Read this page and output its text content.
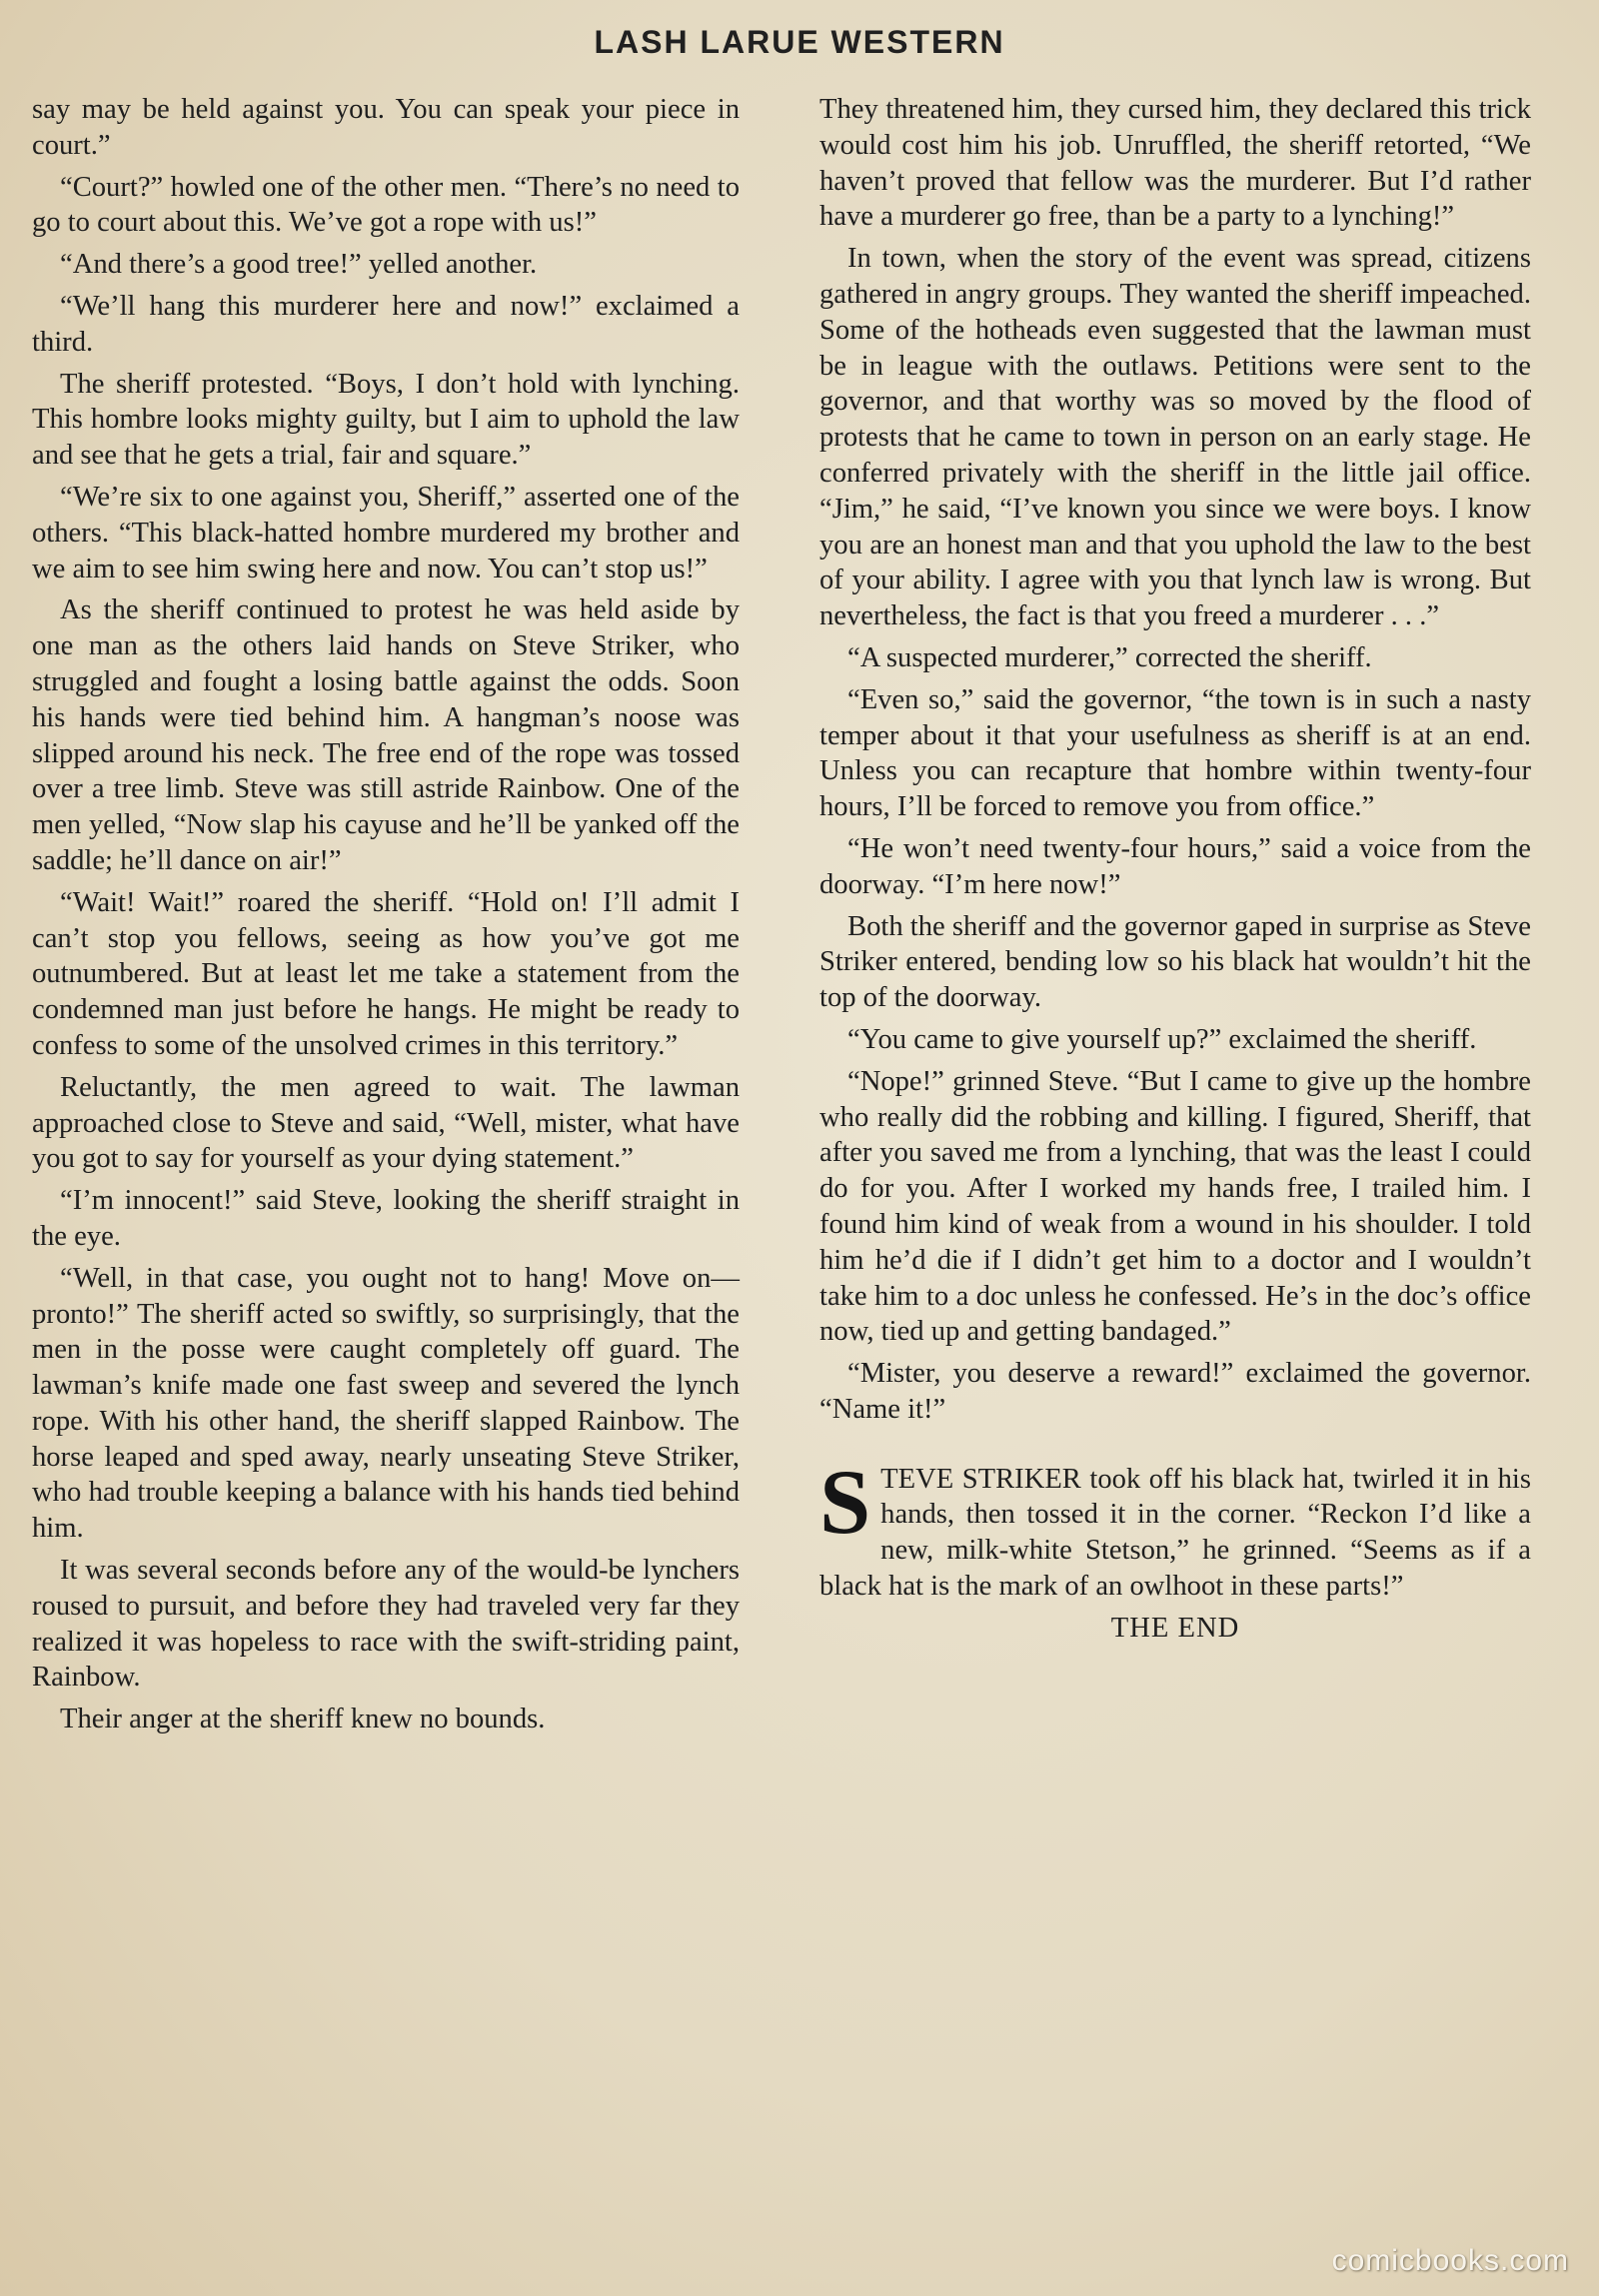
LASH LARUE WESTERN

say may be held against you. You can speak your piece in court.”

“Court?” howled one of the other men. “There’s no need to go to court about this. We’ve got a rope with us!”

“And there’s a good tree!” yelled another.

“We’ll hang this murderer here and now!” exclaimed a third.

The sheriff protested. “Boys, I don’t hold with lynching. This hombre looks mighty guilty, but I aim to uphold the law and see that he gets a trial, fair and square.”

“We’re six to one against you, Sheriff,” asserted one of the others. “This black-hatted hombre murdered my brother and we aim to see him swing here and now. You can’t stop us!”

As the sheriff continued to protest he was held aside by one man as the others laid hands on Steve Striker, who struggled and fought a losing battle against the odds. Soon his hands were tied behind him. A hangman’s noose was slipped around his neck. The free end of the rope was tossed over a tree limb. Steve was still astride Rainbow. One of the men yelled, “Now slap his cayuse and he’ll be yanked off the saddle; he’ll dance on air!”

“Wait! Wait!” roared the sheriff. “Hold on! I’ll admit I can’t stop you fellows, seeing as how you’ve got me outnumbered. But at least let me take a statement from the condemned man just before he hangs. He might be ready to confess to some of the unsolved crimes in this territory.”

Reluctantly, the men agreed to wait. The lawman approached close to Steve and said, “Well, mister, what have you got to say for yourself as your dying statement.”

“I’m innocent!” said Steve, looking the sheriff straight in the eye.

“Well, in that case, you ought not to hang! Move on—pronto!” The sheriff acted so swiftly, so surprisingly, that the men in the posse were caught completely off guard. The lawman’s knife made one fast sweep and severed the lynch rope. With his other hand, the sheriff slapped Rainbow. The horse leaped and sped away, nearly unseating Steve Striker, who had trouble keeping a balance with his hands tied behind him.

It was several seconds before any of the would-be lynchers roused to pursuit, and before they had traveled very far they realized it was hopeless to race with the swift-striding paint, Rainbow.

Their anger at the sheriff knew no bounds.

They threatened him, they cursed him, they declared this trick would cost him his job. Unruffled, the sheriff retorted, “We haven’t proved that fellow was the murderer. But I’d rather have a murderer go free, than be a party to a lynching!”

In town, when the story of the event was spread, citizens gathered in angry groups. They wanted the sheriff impeached. Some of the hotheads even suggested that the lawman must be in league with the outlaws. Petitions were sent to the governor, and that worthy was so moved by the flood of protests that he came to town in person on an early stage. He conferred privately with the sheriff in the little jail office. “Jim,” he said, “I’ve known you since we were boys. I know you are an honest man and that you uphold the law to the best of your ability. I agree with you that lynch law is wrong. But nevertheless, the fact is that you freed a murderer . . .”

“A suspected murderer,” corrected the sheriff.

“Even so,” said the governor, “the town is in such a nasty temper about it that your usefulness as sheriff is at an end. Unless you can recapture that hombre within twenty-four hours, I’ll be forced to remove you from office.”

“He won’t need twenty-four hours,” said a voice from the doorway. “I’m here now!”

Both the sheriff and the governor gaped in surprise as Steve Striker entered, bending low so his black hat wouldn’t hit the top of the doorway.

“You came to give yourself up?” exclaimed the sheriff.

“Nope!” grinned Steve. “But I came to give up the hombre who really did the robbing and killing. I figured, Sheriff, that after you saved me from a lynching, that was the least I could do for you. After I worked my hands free, I trailed him. I found him kind of weak from a wound in his shoulder. I told him he’d die if I didn’t get him to a doctor and I wouldn’t take him to a doc unless he confessed. He’s in the doc’s office now, tied up and getting bandaged.”

“Mister, you deserve a reward!” exclaimed the governor. “Name it!”

STEVE STRIKER took off his black hat, twirled it in his hands, then tossed it in the corner. “Reckon I’d like a new, milk-white Stetson,” he grinned. “Seems as if a black hat is the mark of an owlhoot in these parts!”

THE END
comicbooks.com
